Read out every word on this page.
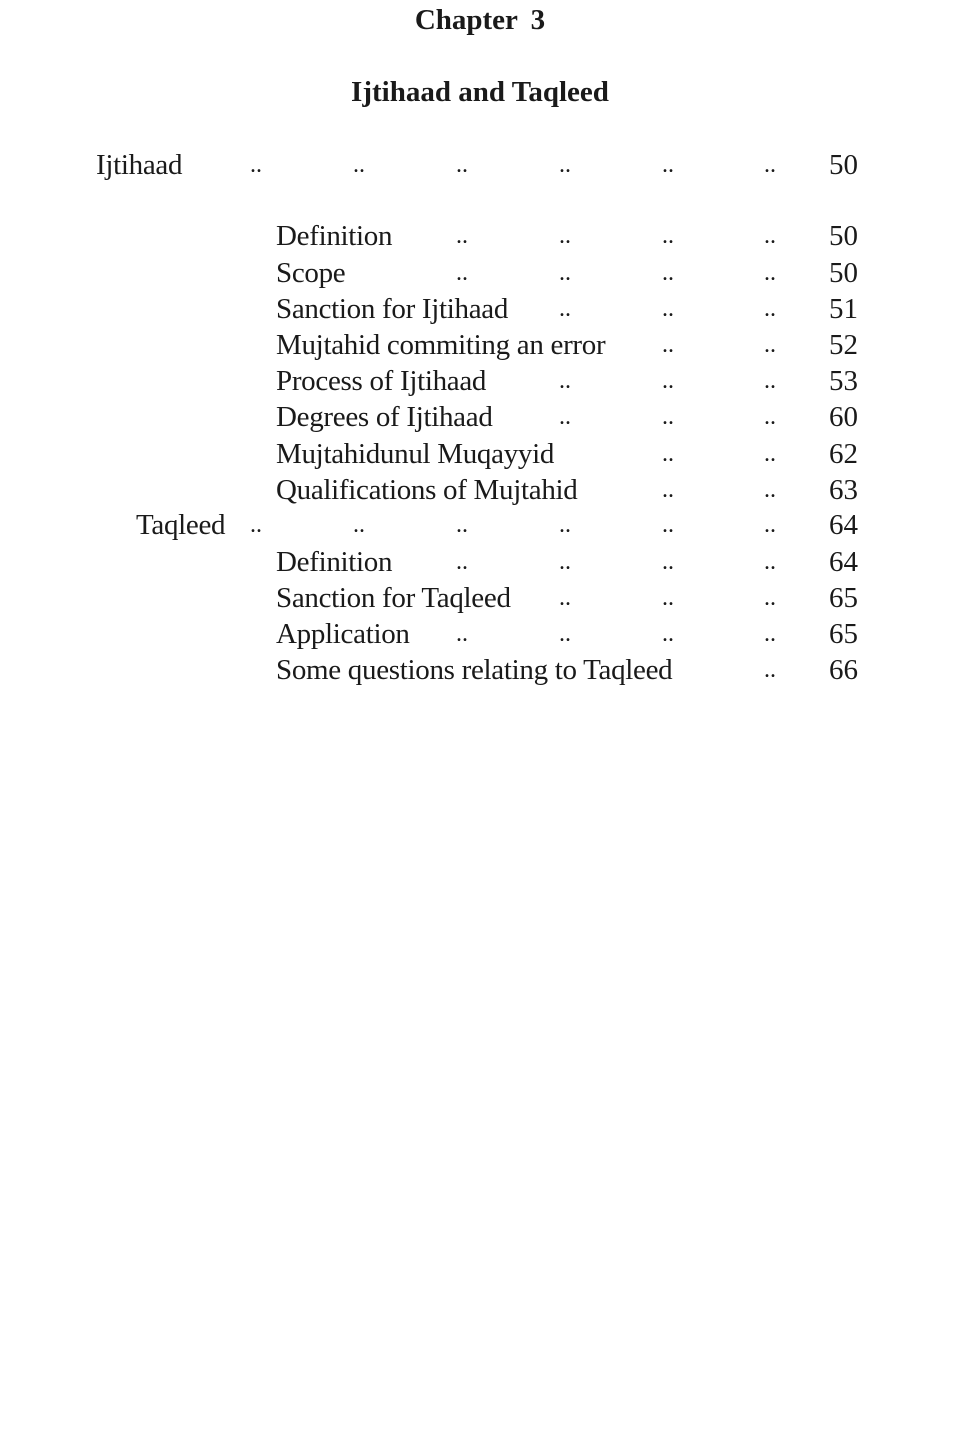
Chapter 3
Ijtihaad and Taqleed
Ijtihaad	..	..	..	..	..	..	50
Definition	..	..	..	..	50
Scope	..	..	..	..	50
Sanction for Ijtihaad ..	..	..	51
Mujtahid commiting an error ..	..	52
Process of Ijtihaad	..	..	..	53
Degrees of Ijtihaad	..	..	..	60
Mujtahidunul Muqayyid	..	..	62
Qualifications of Mujtahid	..	..	63
Taqleed ..	..	..	..	..	..	64
Definition	..	..	..	..	64
Sanction for Taqleed ..	..	..	65
Application ..	..	..	..	65
Some questions relating to Taqleed	..	66
